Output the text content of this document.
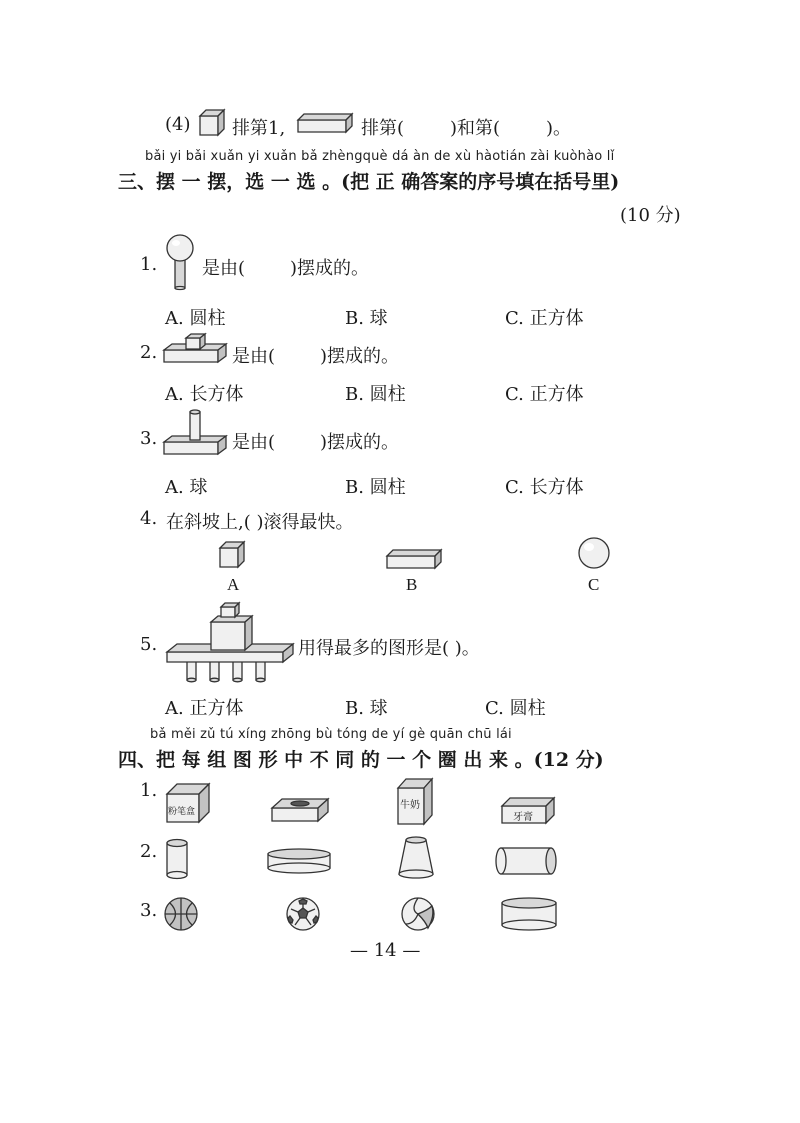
(4) 排第1,	排第(	)和第(	)。
bǎi yi bǎi xuǎn yi xuǎn bǎ zhèngquè dá àn de xù hàotián zài kuòhào lǐ
三、摆 一 摆，选 一 选 。(把 正 确答案的序号填在括号里)
(10 分)
1. 是由( )摆成的。
A. 圆柱	B. 球	C. 正方体
2.	是由( )摆成的。
A. 长方体	B. 圆柱	C. 正方体
3.	是由( )摆成的。
A. 球	B. 圆柱	C. 长方体
4. 在斜坡上,( )滚得最快。
A	B	C
5.	用得最多的图形是( )。
A. 正方体	B. 球	C. 圆柱
bǎ měi zǔ tú xíng zhōng bù tóng de yí gè quān chū lái
四、把 每 组 图 形 中 不 同 的 一 个 圈 出 来 。(12 分)
1.
粉笔盒
牛奶
牙膏
2.
3.
— 14 —
